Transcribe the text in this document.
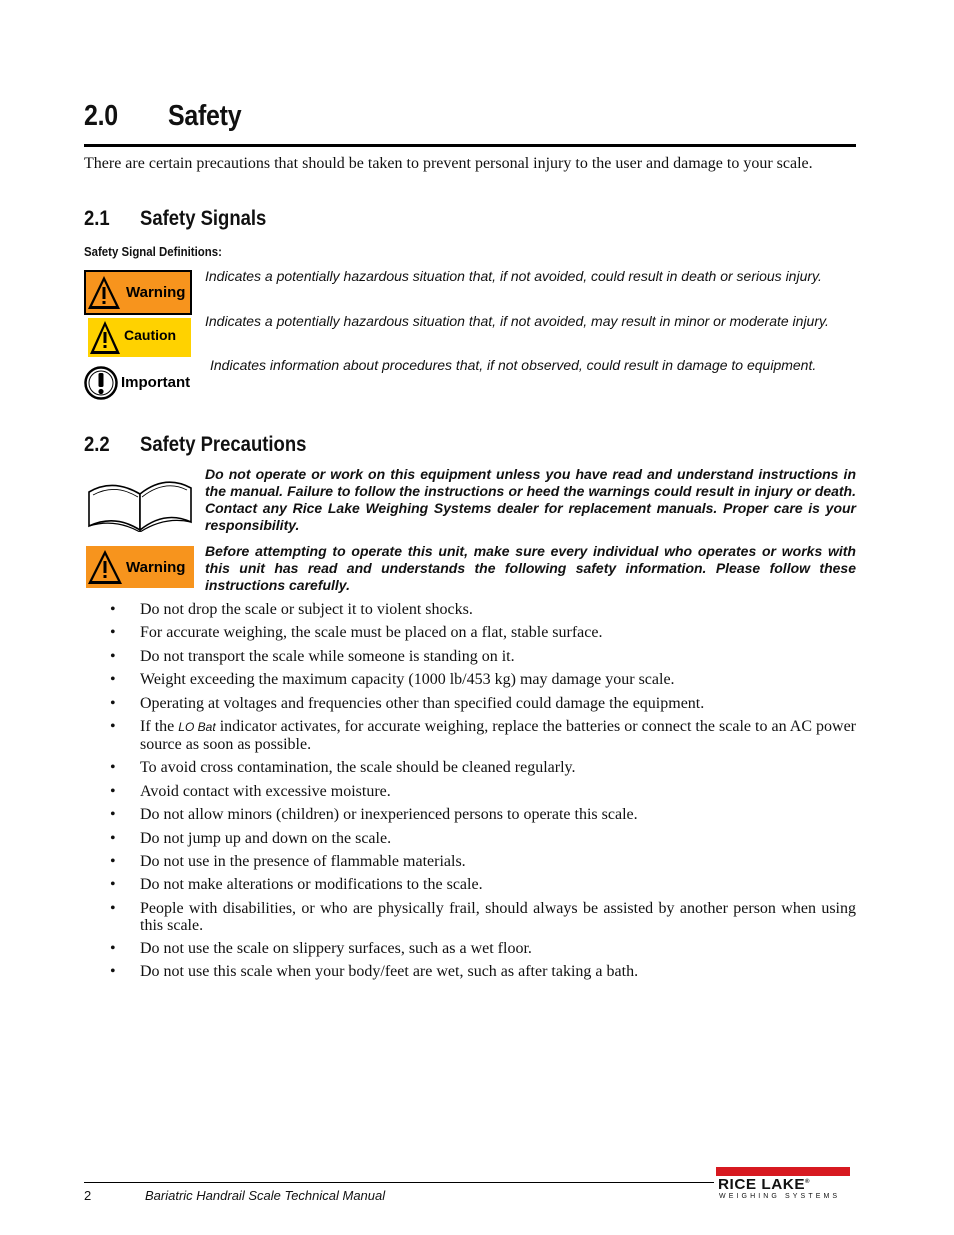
2.0 Safety

There are certain precautions that should be taken to prevent personal injury to the user and damage to your scale.

2.1 Safety Signals
Safety Signal Definitions:
Warning

Indicates a potentially hazardous situation that, if not avoided, could result in death or serious injury.

Caution

Indicates a potentially hazardous situation that, if not avoided, may result in minor or moderate injury.

Important

Indicates information about procedures that, if not observed, could result in damage to equipment.

2.2 Safety Precautions

Do not operate or work on this equipment unless you have read and understand instructions in the manual. Failure to follow the instructions or heed the warnings could result in injury or death. Contact any Rice Lake Weighing Systems dealer for replacement manuals. Proper care is your responsibility.

Warning

Before attempting to operate this unit, make sure every individual who operates or works with this unit has read and understands the following safety information. Please follow these instructions carefully.

• Do not drop the scale or subject it to violent shocks.
• For accurate weighing, the scale must be placed on a flat, stable surface.
• Do not transport the scale while someone is standing on it.
• Weight exceeding the maximum capacity (1000 lb/453 kg) may damage your scale.
• Operating at voltages and frequencies other than specified could damage the equipment.
• If the LO Bat indicator activates, for accurate weighing, replace the batteries or connect the scale to an AC power source as soon as possible.
• To avoid cross contamination, the scale should be cleaned regularly.
• Avoid contact with excessive moisture.
• Do not allow minors (children) or inexperienced persons to operate this scale.
• Do not jump up and down on the scale.
• Do not use in the presence of flammable materials.
• Do not make alterations or modifications to the scale.
• People with disabilities, or who are physically frail, should always be assisted by another person when using this scale.
• Do not use the scale on slippery surfaces, such as a wet floor.
• Do not use this scale when your body/feet are wet, such as after taking a bath.
2	Bariatric Handrail Scale Technical Manual
RICE LAKE®
WEIGHING SYSTEMS
